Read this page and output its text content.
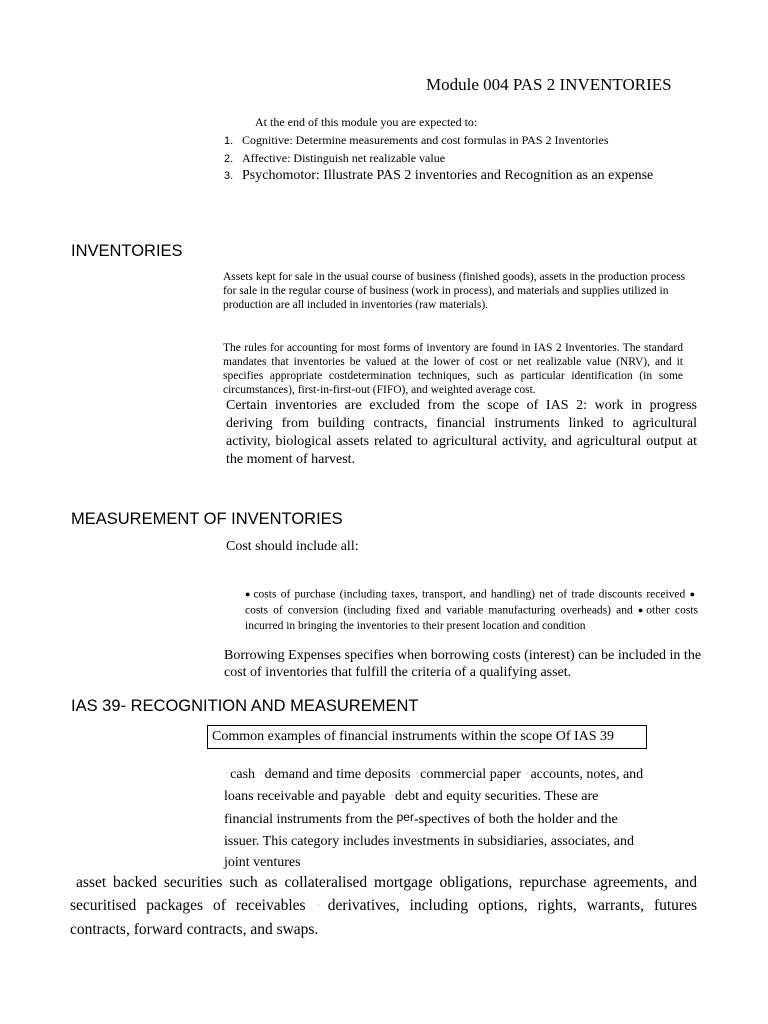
Module 004 PAS 2 INVENTORIES
At the end of this module you are expected to:
1. Cognitive: Determine measurements and cost formulas in PAS 2 Inventories
2. Affective: Distinguish net realizable value
3. Psychomotor: Illustrate PAS 2 inventories and Recognition as an expense
INVENTORIES
Assets kept for sale in the usual course of business (finished goods), assets in the production process for sale in the regular course of business (work in process), and materials and supplies utilized in production are all included in inventories (raw materials).
The rules for accounting for most forms of inventory are found in IAS 2 Inventories. The standard mandates that inventories be valued at the lower of cost or net realizable value (NRV), and it specifies appropriate costdetermination techniques, such as particular identification (in some circumstances), first-in-first-out (FIFO), and weighted average cost.
Certain inventories are excluded from the scope of IAS 2: work in progress deriving from building contracts, financial instruments linked to agricultural activity, biological assets related to agricultural activity, and agricultural output at the moment of harvest.
MEASUREMENT OF INVENTORIES
Cost should include all:
● costs of purchase (including taxes, transport, and handling) net of trade discounts received ●costs of conversion (including fixed and variable manufacturing overheads) and ● other costs incurred in bringing the inventories to their present location and condition
Borrowing Expenses specifies when borrowing costs (interest) can be included in the cost of inventories that fulfill the criteria of a qualifying asset.
IAS 39- RECOGNITION AND MEASUREMENT
Common examples of financial instruments within the scope Of IAS 39
◦ cash ◦ demand and time deposits ◦ commercial paper ◦ accounts, notes, and
loans receivable and payable ◦ debt and equity securities. These are
financial instruments from the per-spectives of both the holder and the
issuer. This category includes investments in subsidiaries, associates, and
joint ventures
asset backed securities such as collateralised mortgage obligations, repurchase agreements, and securitised packages of receivables ◦ derivatives, including options, rights, warrants, futures contracts, forward contracts, and swaps.
